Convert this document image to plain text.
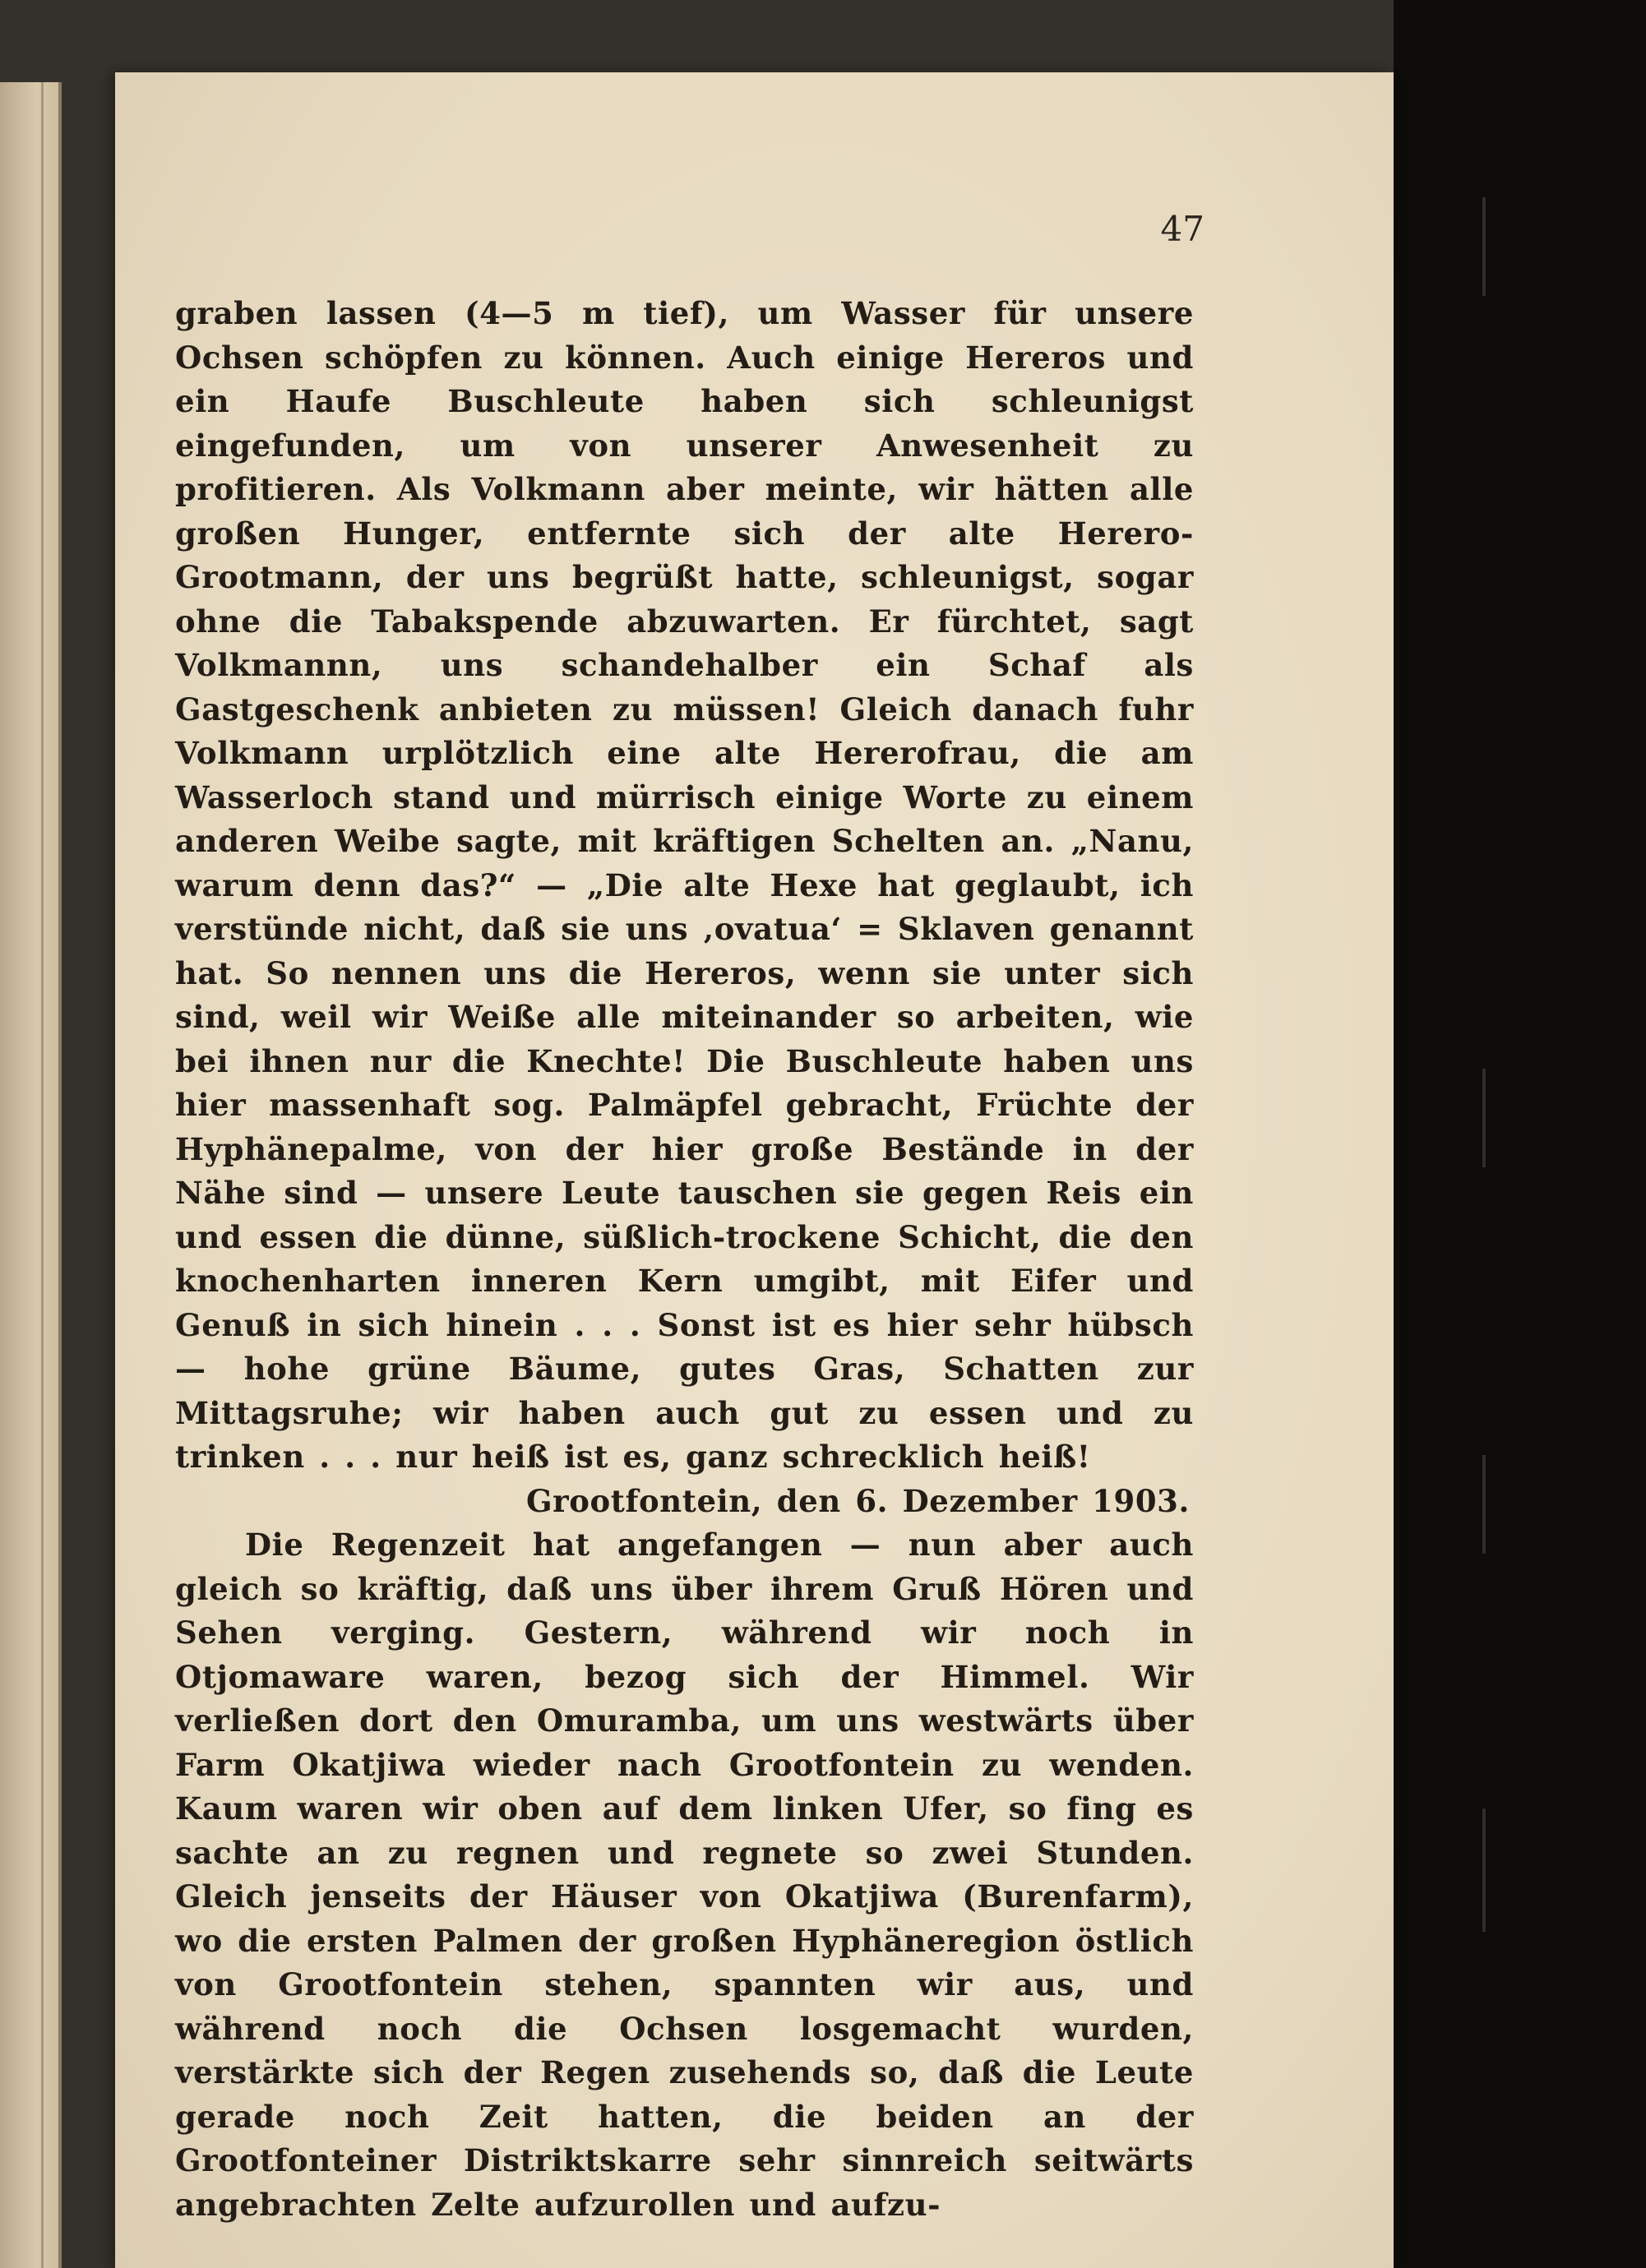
47
graben lassen (4—5 m tief), um Wasser für unsere Ochsen schöpfen zu können. Auch einige Hereros und ein Haufe Buschleute haben sich schleunigst eingefunden, um von unserer Anwesenheit zu profitieren. Als Volkmann aber meinte, wir hätten alle großen Hunger, entfernte sich der alte Herero-Grootmann, der uns begrüßt hatte, schleunigst, sogar ohne die Tabakspende abzuwarten. Er fürchtet, sagt Volkmannn, uns schandehalber ein Schaf als Gastgeschenk anbieten zu müssen! Gleich danach fuhr Volkmann urplötzlich eine alte Hererofrau, die am Wasserloch stand und mürrisch einige Worte zu einem anderen Weibe sagte, mit kräftigen Schelten an. „Nanu, warum denn das?“ — „Die alte Hexe hat geglaubt, ich verstünde nicht, daß sie uns ‚ovatua‘ = Sklaven genannt hat. So nennen uns die Hereros, wenn sie unter sich sind, weil wir Weiße alle miteinander so arbeiten, wie bei ihnen nur die Knechte! Die Buschleute haben uns hier massenhaft sog. Palmäpfel gebracht, Früchte der Hyphänepalme, von der hier große Bestände in der Nähe sind — unsere Leute tauschen sie gegen Reis ein und essen die dünne, süßlich-trockene Schicht, die den knochenharten inneren Kern umgibt, mit Eifer und Genuß in sich hinein . . . Sonst ist es hier sehr hübsch — hohe grüne Bäume, gutes Gras, Schatten zur Mittagsruhe; wir haben auch gut zu essen und zu trinken . . . nur heiß ist es, ganz schrecklich heiß!
Grootfontein, den 6. Dezember 1903.
Die Regenzeit hat angefangen — nun aber auch gleich so kräftig, daß uns über ihrem Gruß Hören und Sehen verging. Gestern, während wir noch in Otjomaware waren, bezog sich der Himmel. Wir verließen dort den Omuramba, um uns westwärts über Farm Okatjiwa wieder nach Grootfontein zu wenden. Kaum waren wir oben auf dem linken Ufer, so fing es sachte an zu regnen und regnete so zwei Stunden. Gleich jenseits der Häuser von Okatjiwa (Burenfarm), wo die ersten Palmen der großen Hyphäneregion östlich von Grootfontein stehen, spannten wir aus, und während noch die Ochsen losgemacht wurden, verstärkte sich der Regen zusehends so, daß die Leute gerade noch Zeit hatten, die beiden an der Grootfonteiner Distriktskarre sehr sinnreich seitwärts angebrachten Zelte aufzurollen und aufzu-
